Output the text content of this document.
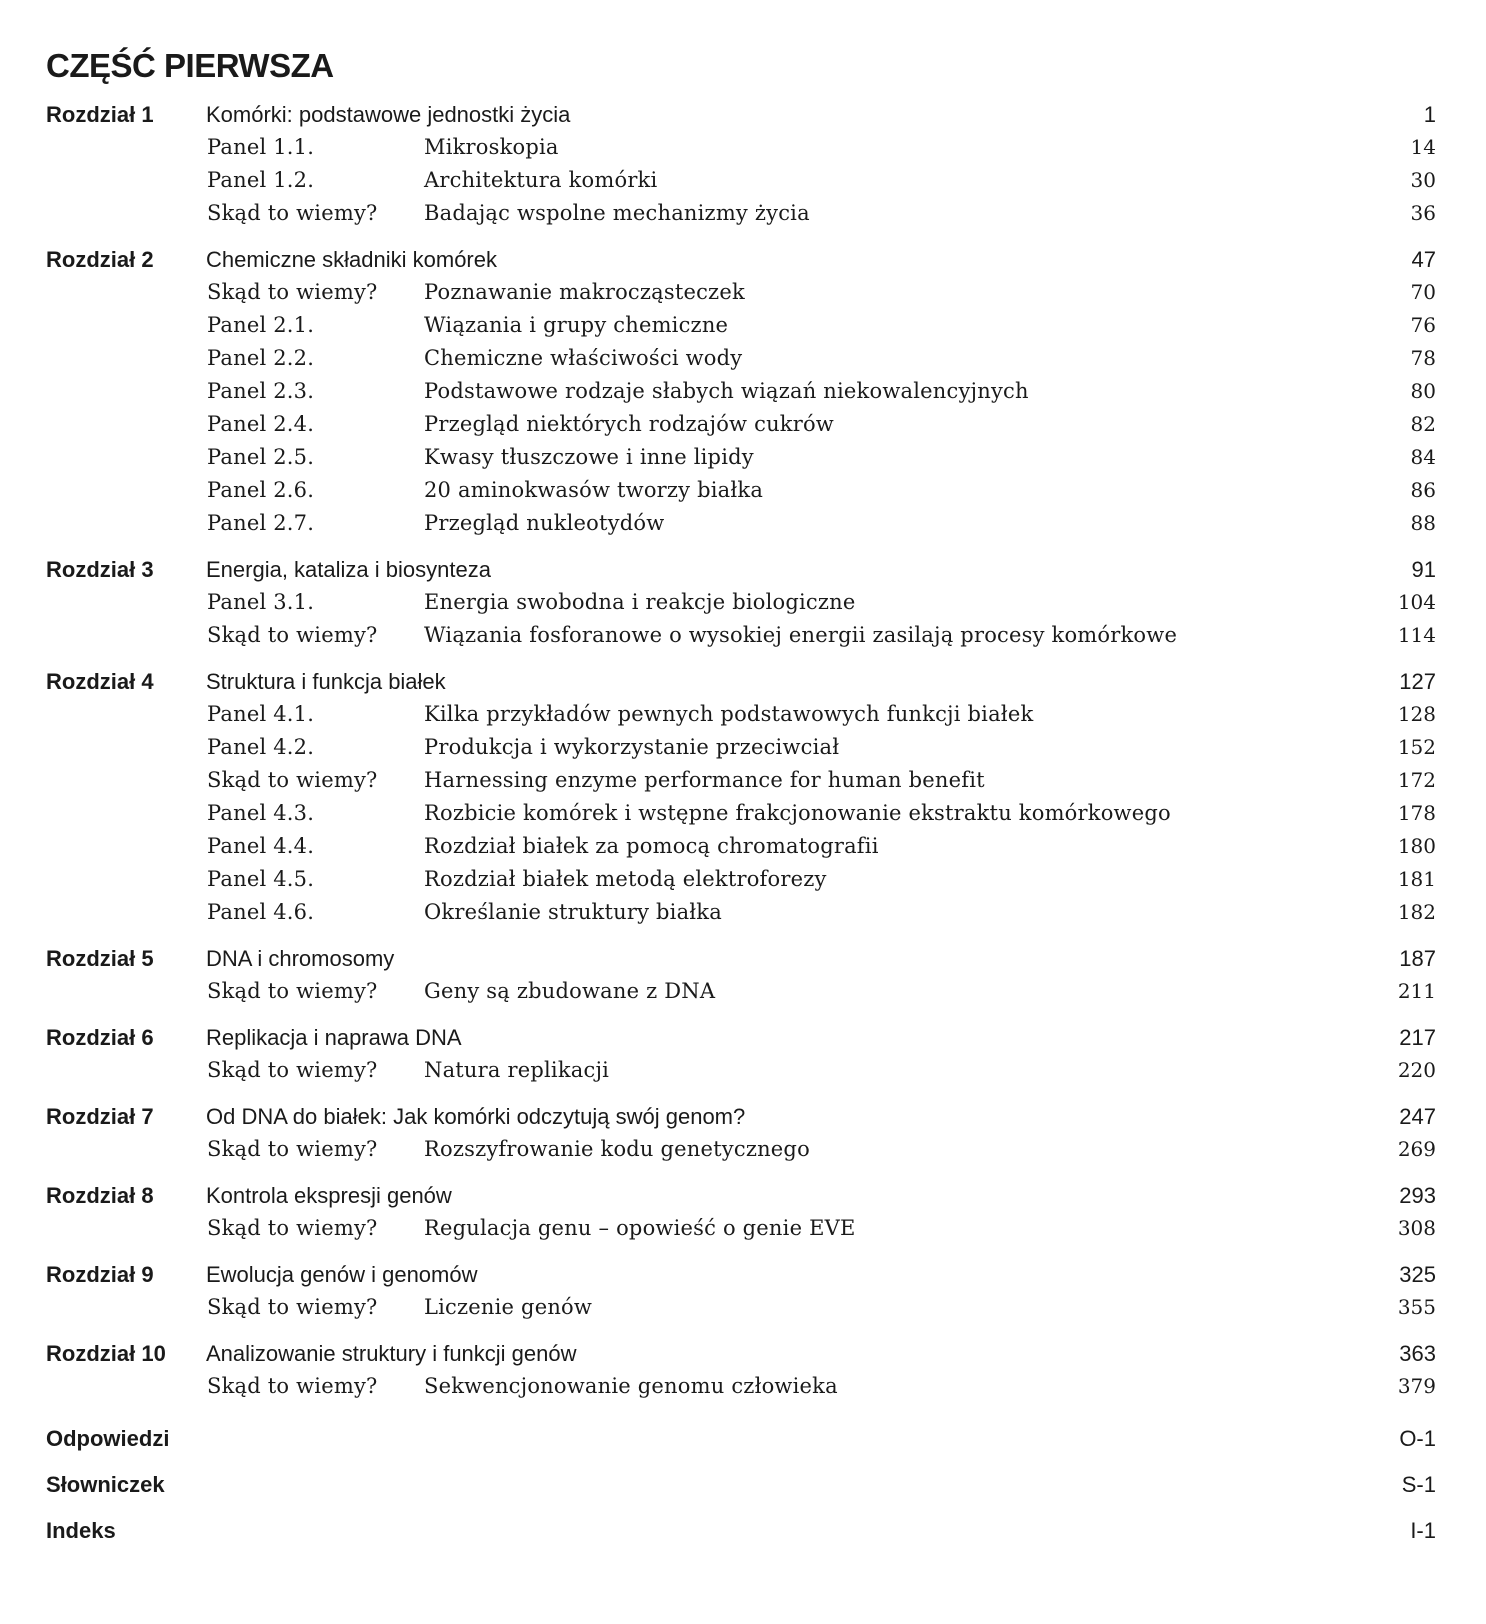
CZĘŚĆ PIERWSZA
Rozdział 1 Komórki: podstawowe jednostki życia	1
Panel 1.1.	Mikroskopia	14
Panel 1.2.	Architektura komórki	30
Skąd to wiemy? Badając wspolne mechanizmy życia	36
Rozdział 2 Chemiczne składniki komórek	47
Skąd to wiemy? Poznawanie makrocząsteczek	70
Panel 2.1.	Wiązania i grupy chemiczne	76
Panel 2.2.	Chemiczne właściwości wody	78
Panel 2.3.	Podstawowe rodzaje słabych wiązań niekowalencyjnych	80
Panel 2.4.	Przegląd niektórych rodzajów cukrów	82
Panel 2.5.	Kwasy tłuszczowe i inne lipidy	84
Panel 2.6.	20 aminokwasów tworzy białka	86
Panel 2.7.	Przegląd nukleotydów	88
Rozdział 3 Energia, kataliza i biosynteza	91
Panel 3.1.	Energia swobodna i reakcje biologiczne	104
Skąd to wiemy? Wiązania fosforanowe o wysokiej energii zasilają procesy komórkowe	114
Rozdział 4 Struktura i funkcja białek	127
Panel 4.1.	Kilka przykładów pewnych podstawowych funkcji białek	128
Panel 4.2.	Produkcja i wykorzystanie przeciwciał	152
Skąd to wiemy? Harnessing enzyme performance for human benefit	172
Panel 4.3.	Rozbicie komórek i wstępne frakcjonowanie ekstraktu komórkowego	178
Panel 4.4.	Rozdział białek za pomocą chromatografii	180
Panel 4.5.	Rozdział białek metodą elektroforezy	181
Panel 4.6.	Określanie struktury białka	182
Rozdział 5 DNA i chromosomy	187
Skąd to wiemy? Geny są zbudowane z DNA	211
Rozdział 6 Replikacja i naprawa DNA	217
Skąd to wiemy? Natura replikacji	220
Rozdział 7 Od DNA do białek: Jak komórki odczytują swój genom?	247
Skąd to wiemy? Rozszyfrowanie kodu genetycznego	269
Rozdział 8 Kontrola ekspresji genów	293
Skąd to wiemy? Regulacja genu – opowieść o genie EVE	308
Rozdział 9 Ewolucja genów i genomów	325
Skąd to wiemy? Liczenie genów	355
Rozdział 10 Analizowanie struktury i funkcji genów	363
Skąd to wiemy? Sekwencjonowanie genomu człowieka	379
Odpowiedzi	O-1
Słowniczek	S-1
Indeks	I-1
